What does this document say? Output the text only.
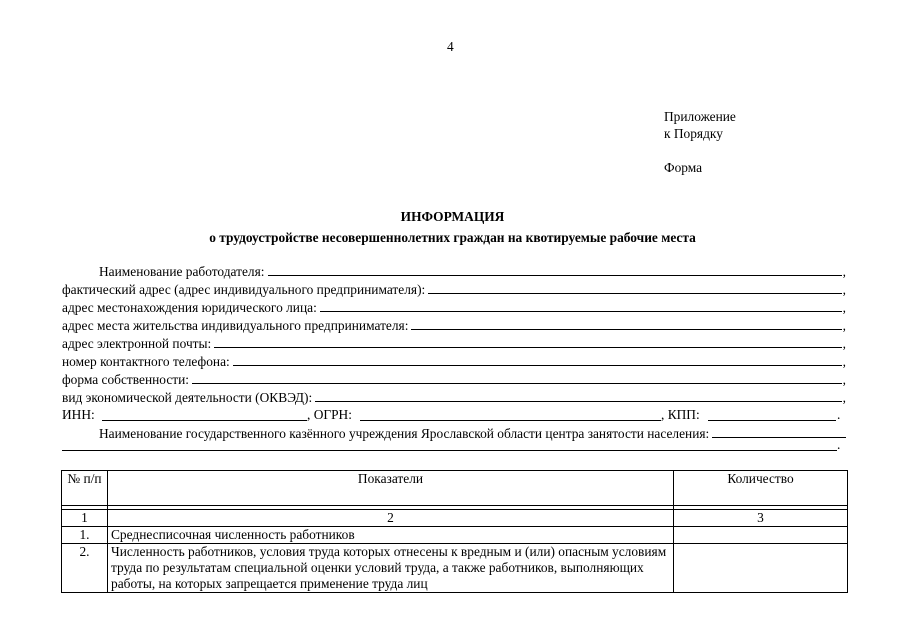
4
Приложение
к Порядку
Форма
ИНФОРМАЦИЯ
о трудоустройстве несовершеннолетних граждан на квотируемые рабочие места
Наименование работодателя:	,
фактический адрес (адрес индивидуального предпринимателя):	,
адрес местонахождения юридического лица:	,
адрес места жительства индивидуального предпринимателя:	,
адрес электронной почты:	,
номер контактного телефона:	,
форма собственности:	,
вид экономической деятельности (ОКВЭД):	,
ИНН:	, ОГРН:	, КПП:	.
Наименование государственного казённого учреждения Ярославской области центра занятости населения:
.
№ п/п	Показатели	Количество

1	2	3
1.	Среднесписочная численность работников	
2.	Численность работников, условия труда которых отнесены к вредным и (или) опасным условиям труда по результатам специальной оценки условий труда, а также работников, выполняющих работы, на которых запрещается применение труда лиц	
